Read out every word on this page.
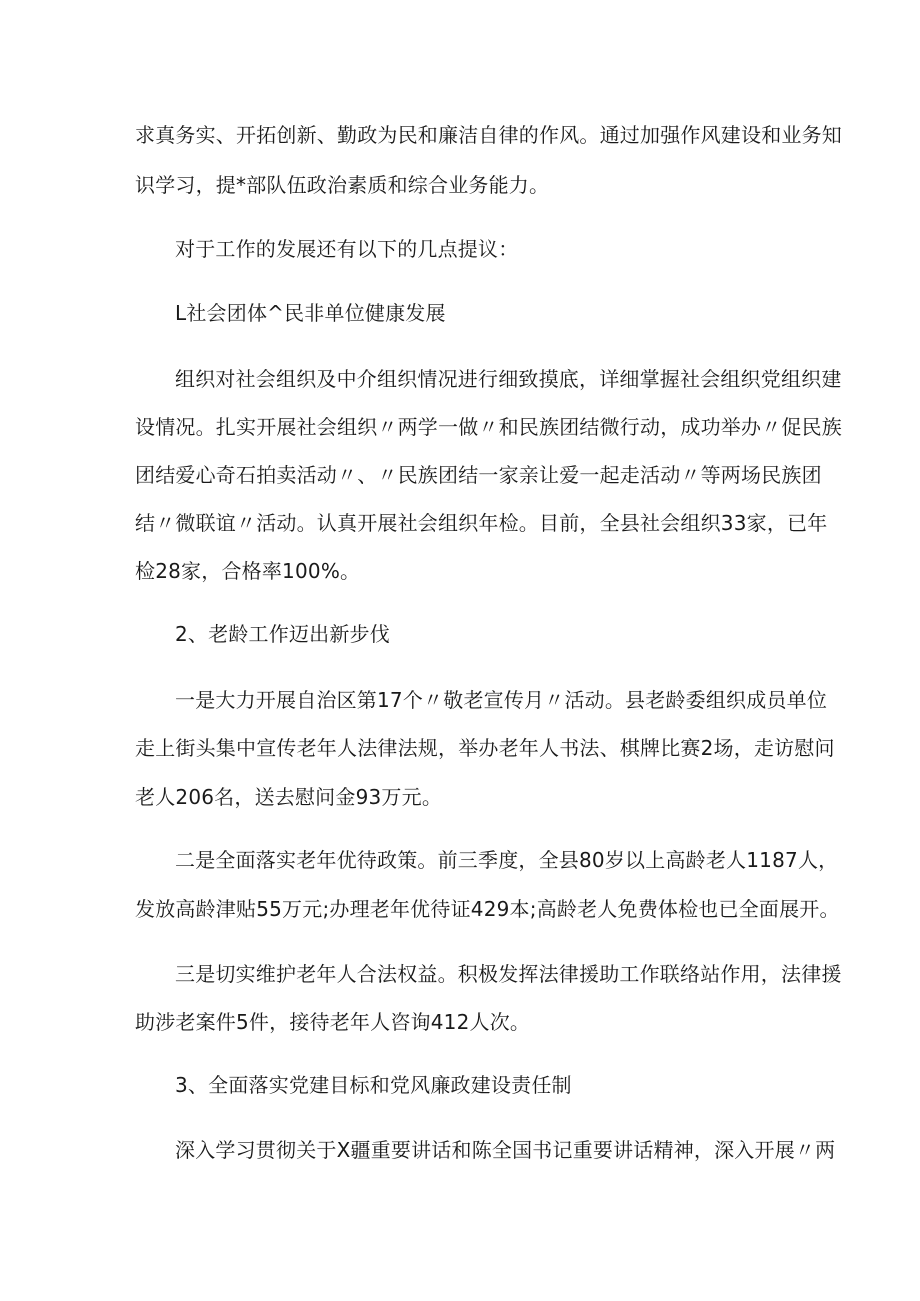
求真务实、开拓创新、勤政为民和廉洁自律的作风。通过加强作风建设和业务知
识学习，提*部队伍政治素质和综合业务能力。
对于工作的发展还有以下的几点提议：
L社会团体^民非单位健康发展
组织对社会组织及中介组织情况进行细致摸底，详细掌握社会组织党组织建
设情况。扎实开展社会组织〃两学一做〃和民族团结微行动，成功举办〃促民族
团结爱心奇石拍卖活动〃、〃民族团结一家亲让爱一起走活动〃等两场民族团
结〃微联谊〃活动。认真开展社会组织年检。目前，全县社会组织33家，已年
检28家，合格率100%。
2、老龄工作迈出新步伐
一是大力开展自治区第17个〃敬老宣传月〃活动。县老龄委组织成员单位
走上街头集中宣传老年人法律法规，举办老年人书法、棋牌比赛2场，走访慰问
老人206名，送去慰问金93万元。
二是全面落实老年优待政策。前三季度，全县80岁以上高龄老人1187人，
发放高龄津贴55万元;办理老年优待证429本;高龄老人免费体检也已全面展开。
三是切实维护老年人合法权益。积极发挥法律援助工作联络站作用，法律援
助涉老案件5件，接待老年人咨询412人次。
3、全面落实党建目标和党风廉政建设责任制
深入学习贯彻关于X疆重要讲话和陈全国书记重要讲话精神，深入开展〃两
